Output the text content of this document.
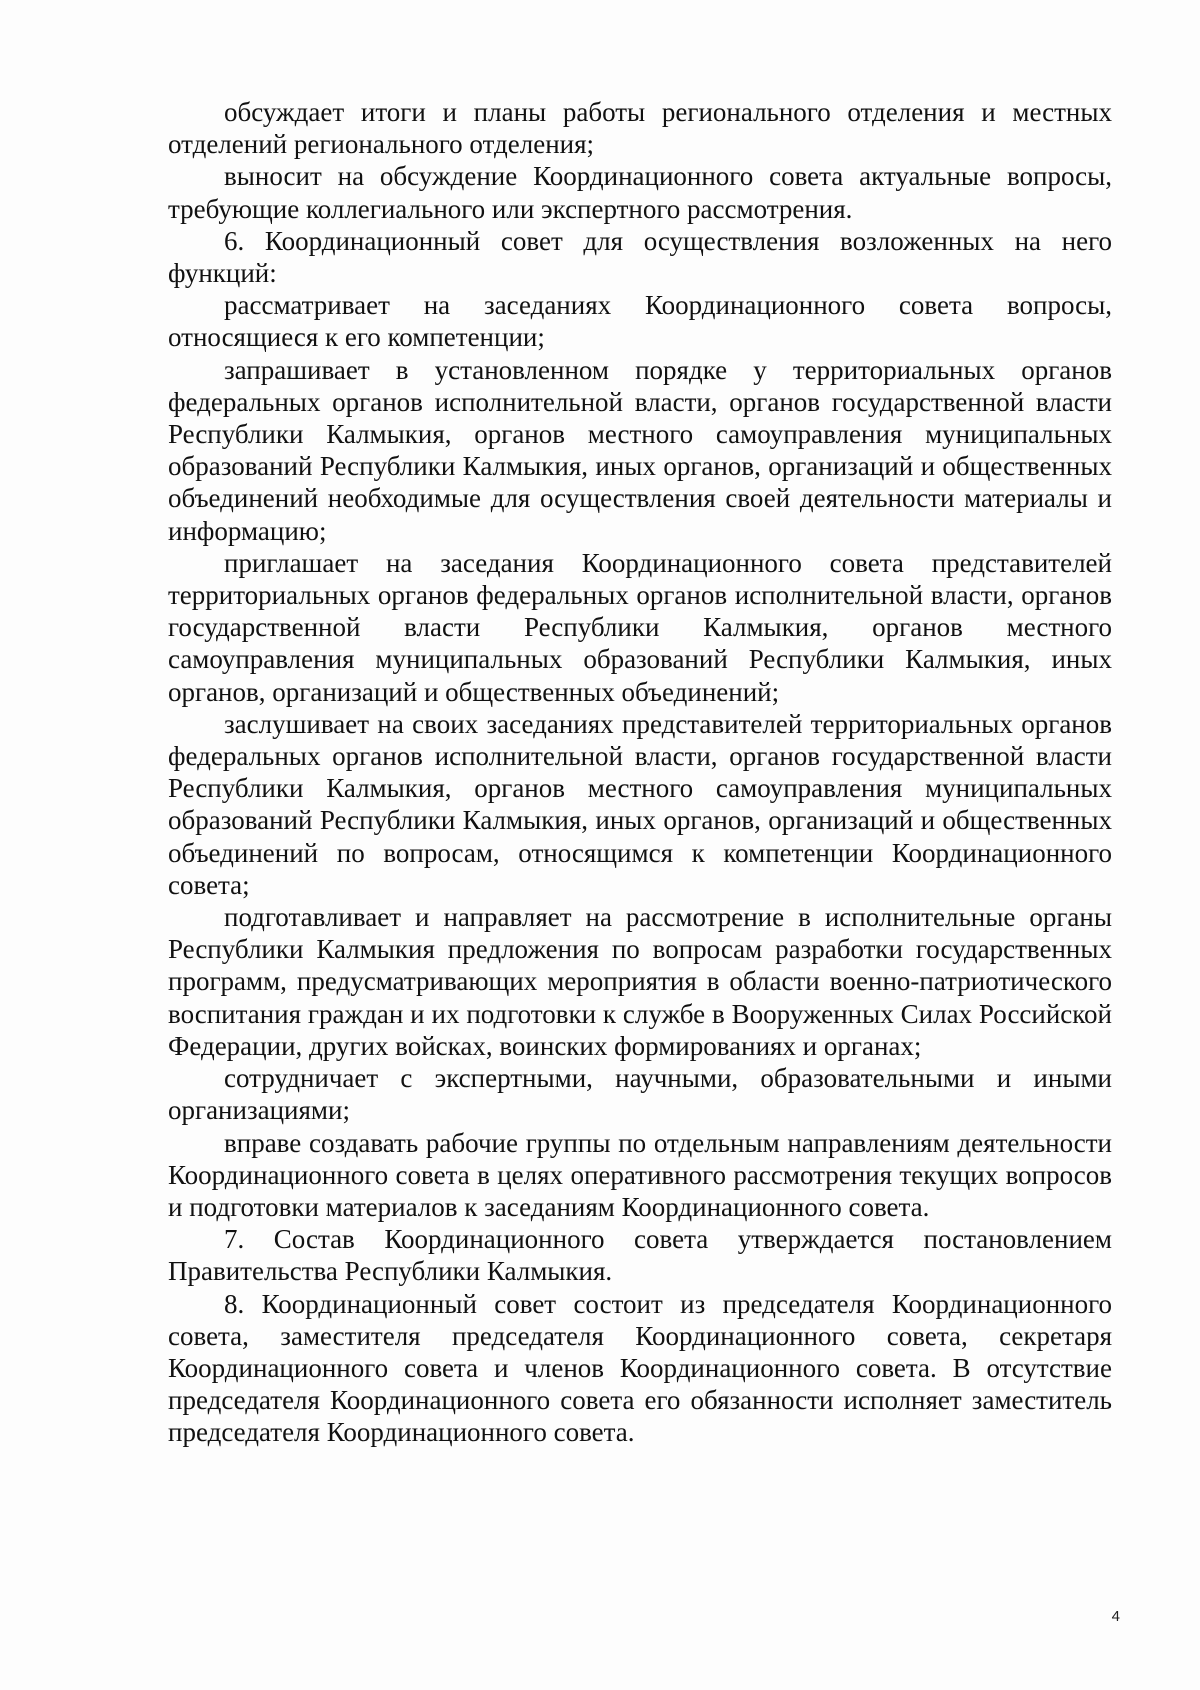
обсуждает итоги и планы работы регионального отделения и местных отделений регионального отделения;

выносит на обсуждение Координационного совета актуальные вопросы, требующие коллегиального или экспертного рассмотрения.

6. Координационный совет для осуществления возложенных на него функций:

рассматривает на заседаниях Координационного совета вопросы, относящиеся к его компетенции;

запрашивает в установленном порядке у территориальных органов федеральных органов исполнительной власти, органов государственной власти Республики Калмыкия, органов местного самоуправления муниципальных образований Республики Калмыкия, иных органов, организаций и общественных объединений необходимые для осуществления своей деятельности материалы и информацию;

приглашает на заседания Координационного совета представителей территориальных органов федеральных органов исполнительной власти, органов государственной власти Республики Калмыкия, органов местного самоуправления муниципальных образований Республики Калмыкия, иных органов, организаций и общественных объединений;

заслушивает на своих заседаниях представителей территориальных органов федеральных органов исполнительной власти, органов государственной власти Республики Калмыкия, органов местного самоуправления муниципальных образований Республики Калмыкия, иных органов, организаций и общественных объединений по вопросам, относящимся к компетенции Координационного совета;

подготавливает и направляет на рассмотрение в исполнительные органы Республики Калмыкия предложения по вопросам разработки государственных программ, предусматривающих мероприятия в области военно-патриотического воспитания граждан и их подготовки к службе в Вооруженных Силах Российской Федерации, других войсках, воинских формированиях и органах;

сотрудничает с экспертными, научными, образовательными и иными организациями;

вправе создавать рабочие группы по отдельным направлениям деятельности Координационного совета в целях оперативного рассмотрения текущих вопросов и подготовки материалов к заседаниям Координационного совета.

7. Состав Координационного совета утверждается постановлением Правительства Республики Калмыкия.

8. Координационный совет состоит из председателя Координационного совета, заместителя председателя Координационного совета, секретаря Координационного совета и членов Координационного совета. В отсутствие председателя Координационного совета его обязанности исполняет заместитель председателя Координационного совета.

4
